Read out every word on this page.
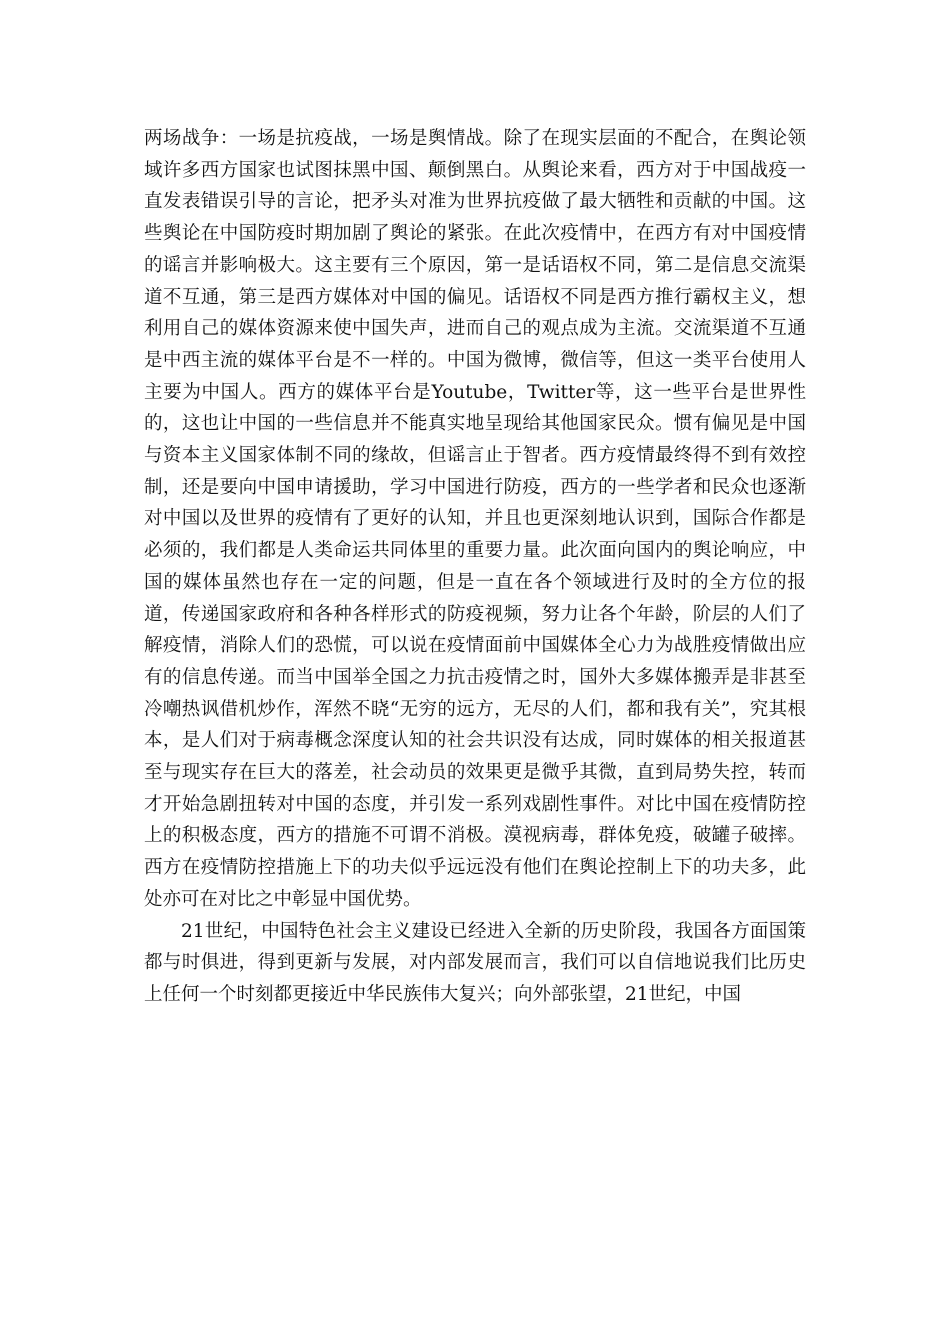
两场战争：一场是抗疫战，一场是舆情战。除了在现实层面的不配合，在舆论领域许多西方国家也试图抹黑中国、颠倒黑白。从舆论来看，西方对于中国战疫一直发表错误引导的言论，把矛头对准为世界抗疫做了最大牺牲和贡献的中国。这些舆论在中国防疫时期加剧了舆论的紧张。在此次疫情中，在西方有对中国疫情的谣言并影响极大。这主要有三个原因，第一是话语权不同，第二是信息交流渠道不互通，第三是西方媒体对中国的偏见。话语权不同是西方推行霸权主义，想利用自己的媒体资源来使中国失声，进而自己的观点成为主流。交流渠道不互通是中西主流的媒体平台是不一样的。中国为微博，微信等，但这一类平台使用人主要为中国人。西方的媒体平台是Youtube，Twitter等，这一些平台是世界性的，这也让中国的一些信息并不能真实地呈现给其他国家民众。惯有偏见是中国与资本主义国家体制不同的缘故，但谣言止于智者。西方疫情最终得不到有效控制，还是要向中国申请援助，学习中国进行防疫，西方的一些学者和民众也逐渐对中国以及世界的疫情有了更好的认知，并且也更深刻地认识到，国际合作都是必须的，我们都是人类命运共同体里的重要力量。此次面向国内的舆论响应，中国的媒体虽然也存在一定的问题，但是一直在各个领域进行及时的全方位的报道，传递国家政府和各种各样形式的防疫视频，努力让各个年龄，阶层的人们了解疫情，消除人们的恐慌，可以说在疫情面前中国媒体全心力为战胜疫情做出应有的信息传递。而当中国举全国之力抗击疫情之时，国外大多媒体搬弄是非甚至冷嘲热讽借机炒作，浑然不晓“无穷的远方，无尽的人们，都和我有关”，究其根本，是人们对于病毒概念深度认知的社会共识没有达成，同时媒体的相关报道甚至与现实存在巨大的落差，社会动员的效果更是微乎其微，直到局势失控，转而才开始急剧扭转对中国的态度，并引发一系列戏剧性事件。对比中国在疫情防控上的积极态度，西方的措施不可谓不消极。漠视病毒，群体免疫，破罐子破摔。西方在疫情防控措施上下的功夫似乎远远没有他们在舆论控制上下的功夫多，此处亦可在对比之中彰显中国优势。

21世纪，中国特色社会主义建设已经进入全新的历史阶段，我国各方面国策都与时俱进，得到更新与发展，对内部发展而言，我们可以自信地说我们比历史上任何一个时刻都更接近中华民族伟大复兴；向外部张望，21世纪，中国
